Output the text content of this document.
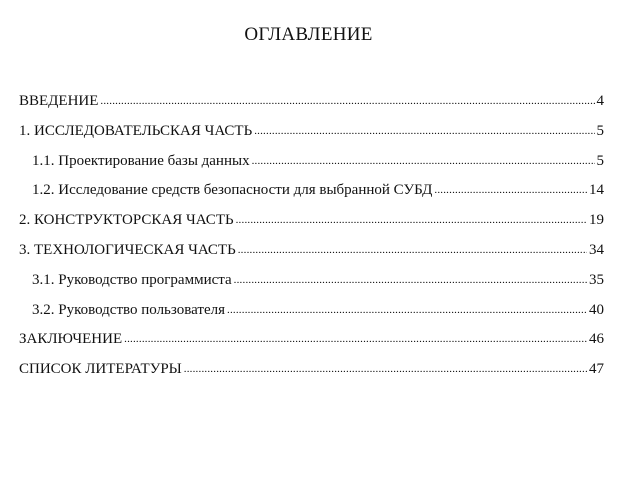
ОГЛАВЛЕНИЕ
ВВЕДЕНИЕ .....	4
1. ИССЛЕДОВАТЕЛЬСКАЯ ЧАСТЬ .....	5
1.1. Проектирование базы данных .....	5
1.2. Исследование средств безопасности для выбранной СУБД .....	14
2. КОНСТРУКТОРСКАЯ ЧАСТЬ .....	19
3. ТЕХНОЛОГИЧЕСКАЯ ЧАСТЬ .....	34
3.1. Руководство программиста .....	35
3.2. Руководство пользователя .....	40
ЗАКЛЮЧЕНИЕ .....	46
СПИСОК ЛИТЕРАТУРЫ .....	47
